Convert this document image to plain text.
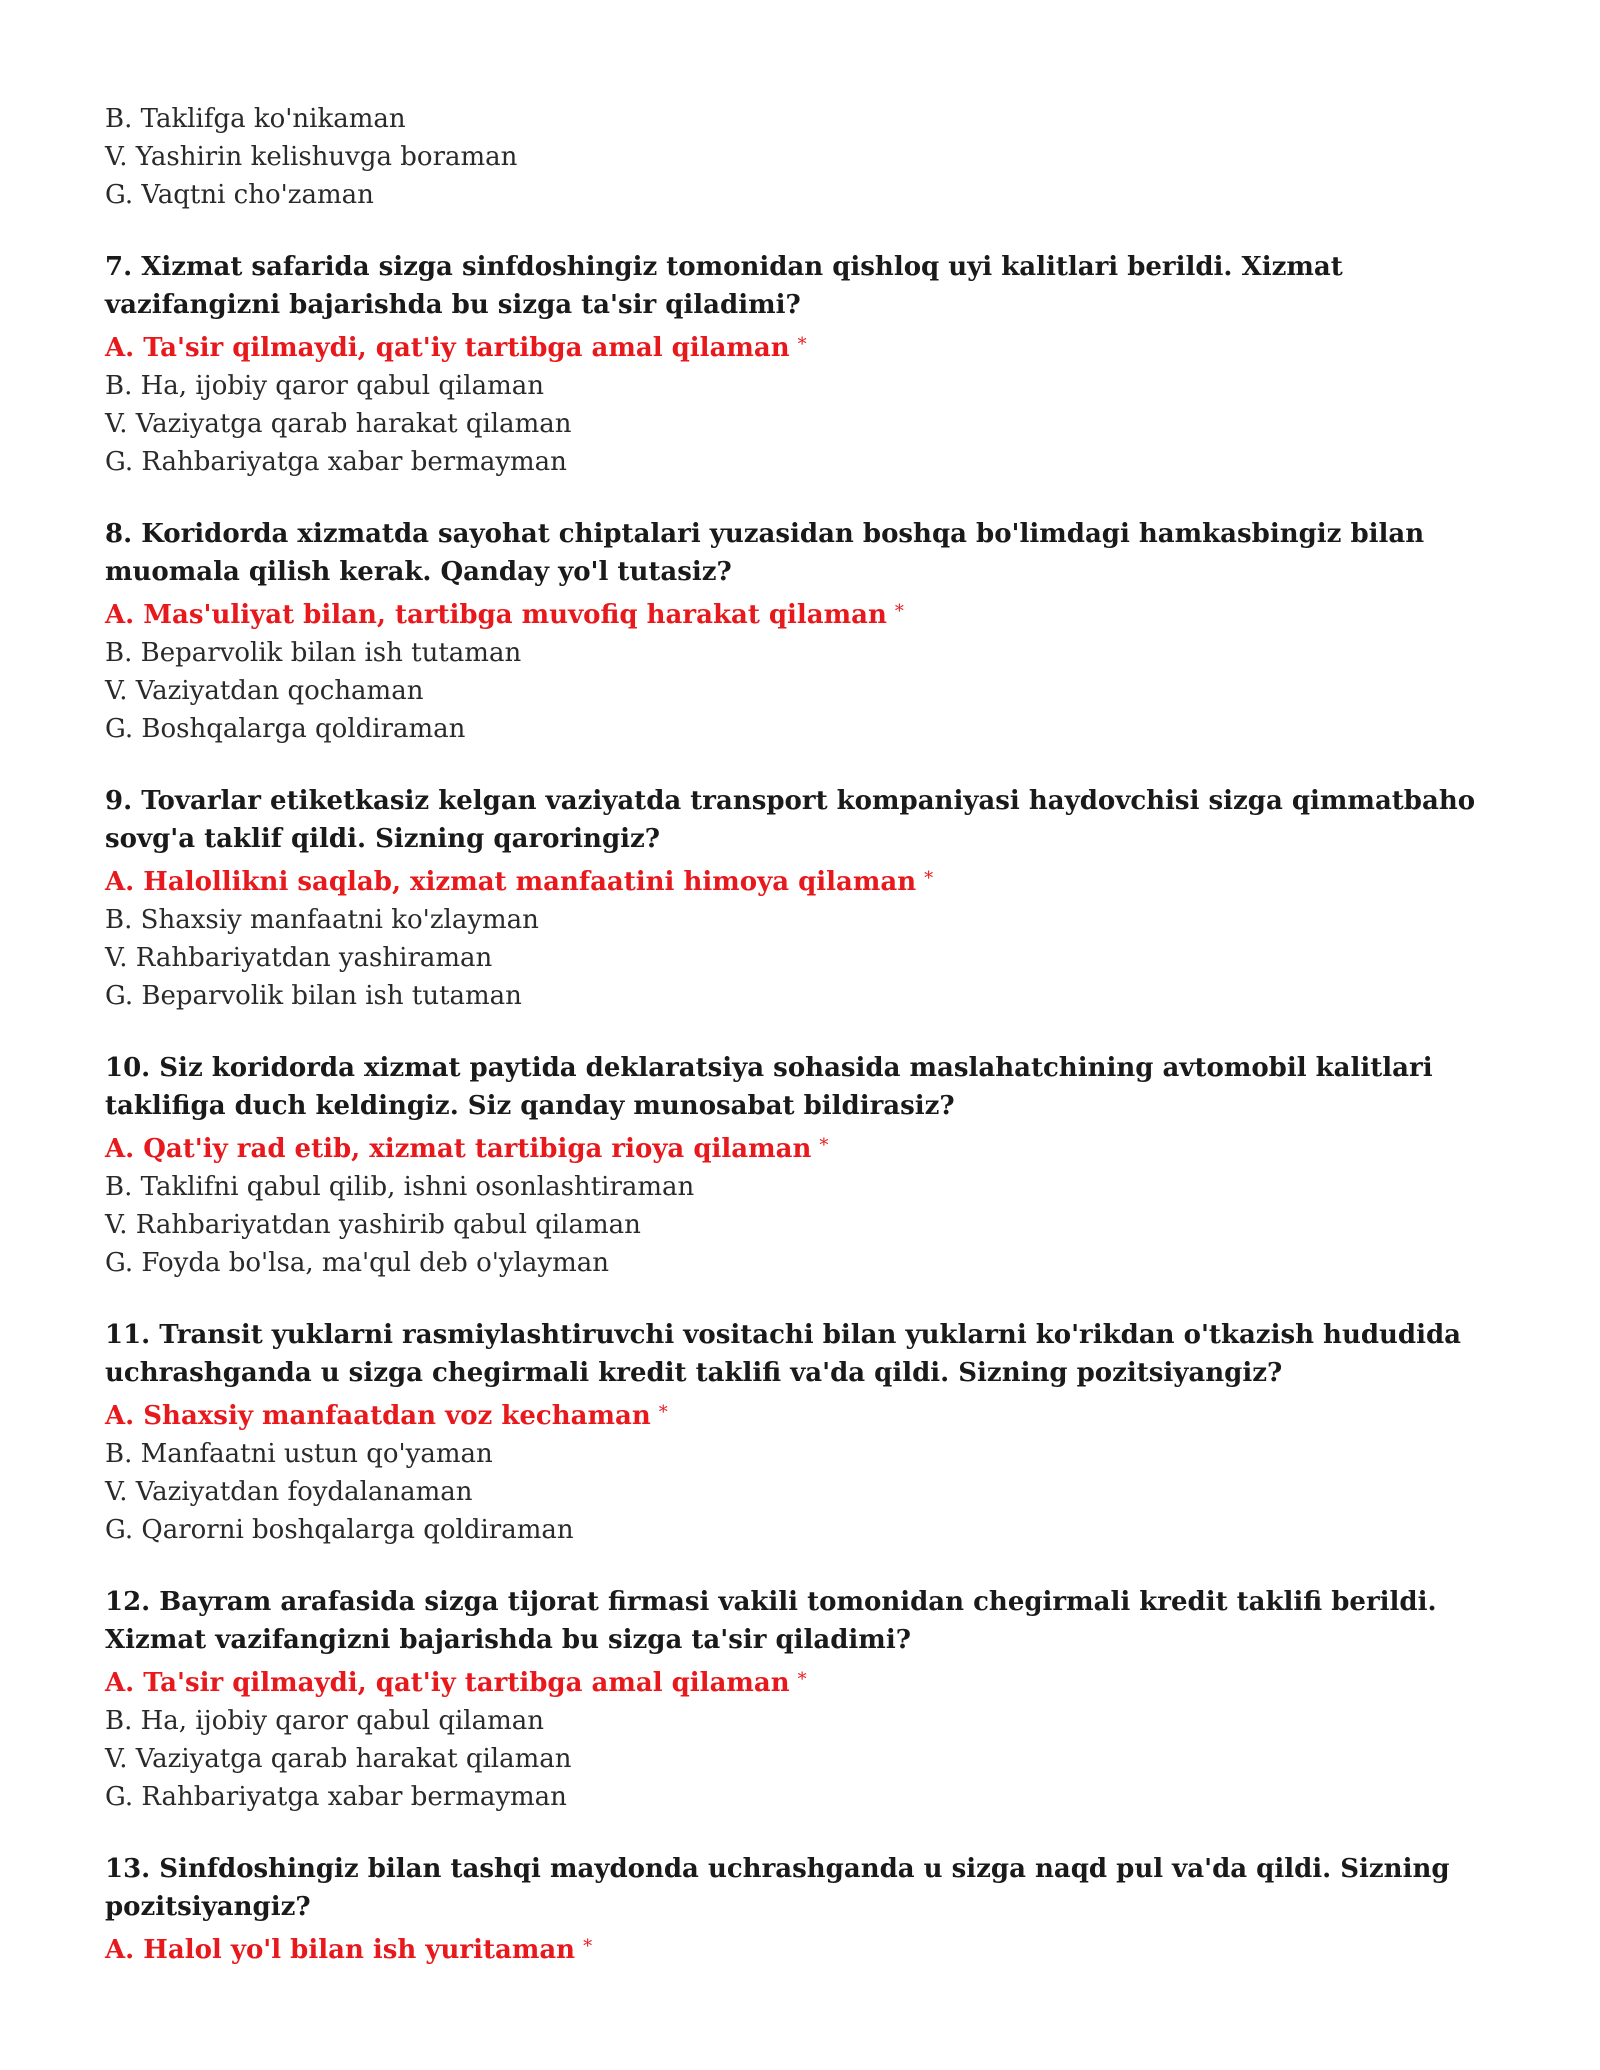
B. Taklifga ko'nikaman
V. Yashirin kelishuvga boraman
G. Vaqtni cho'zaman
7. Xizmat safarida sizga sinfdoshingiz tomonidan qishloq uyi kalitlari berildi. Xizmat vazifangizni bajarishda bu sizga ta'sir qiladimi?
A. Ta'sir qilmaydi, qat'iy tartibga amal qilaman *
B. Ha, ijobiy qaror qabul qilaman
V. Vaziyatga qarab harakat qilaman
G. Rahbariyatga xabar bermayman
8. Koridorda xizmatda sayohat chiptalari yuzasidan boshqa bo'limdagi hamkasbingiz bilan muomala qilish kerak. Qanday yo'l tutasiz?
A. Mas'uliyat bilan, tartibga muvofiq harakat qilaman *
B. Beparvolik bilan ish tutaman
V. Vaziyatdan qochaman
G. Boshqalarga qoldiraman
9. Tovarlar etiketkasiz kelgan vaziyatda transport kompaniyasi haydovchisi sizga qimmatbaho sovg'a taklif qildi. Sizning qaroringiz?
A. Halollikni saqlab, xizmat manfaatini himoya qilaman *
B. Shaxsiy manfaatni ko'zlayman
V. Rahbariyatdan yashiraman
G. Beparvolik bilan ish tutaman
10. Siz koridorda xizmat paytida deklaratsiya sohasida maslahatchining avtomobil kalitlari taklifiga duch keldingiz. Siz qanday munosabat bildirasiz?
A. Qat'iy rad etib, xizmat tartibiga rioya qilaman *
B. Taklifni qabul qilib, ishni osonlashtiraman
V. Rahbariyatdan yashirib qabul qilaman
G. Foyda bo'lsa, ma'qul deb o'ylayman
11. Transit yuklarni rasmiylashtiruvchi vositachi bilan yuklarni ko'rikdan o'tkazish hududida uchrashganda u sizga chegirmali kredit taklifi va'da qildi. Sizning pozitsiyangiz?
A. Shaxsiy manfaatdan voz kechaman *
B. Manfaatni ustun qo'yaman
V. Vaziyatdan foydalanaman
G. Qarorni boshqalarga qoldiraman
12. Bayram arafasida sizga tijorat firmasi vakili tomonidan chegirmali kredit taklifi berildi. Xizmat vazifangizni bajarishda bu sizga ta'sir qiladimi?
A. Ta'sir qilmaydi, qat'iy tartibga amal qilaman *
B. Ha, ijobiy qaror qabul qilaman
V. Vaziyatga qarab harakat qilaman
G. Rahbariyatga xabar bermayman
13. Sinfdoshingiz bilan tashqi maydonda uchrashganda u sizga naqd pul va'da qildi. Sizning pozitsiyangiz?
A. Halol yo'l bilan ish yuritaman *
